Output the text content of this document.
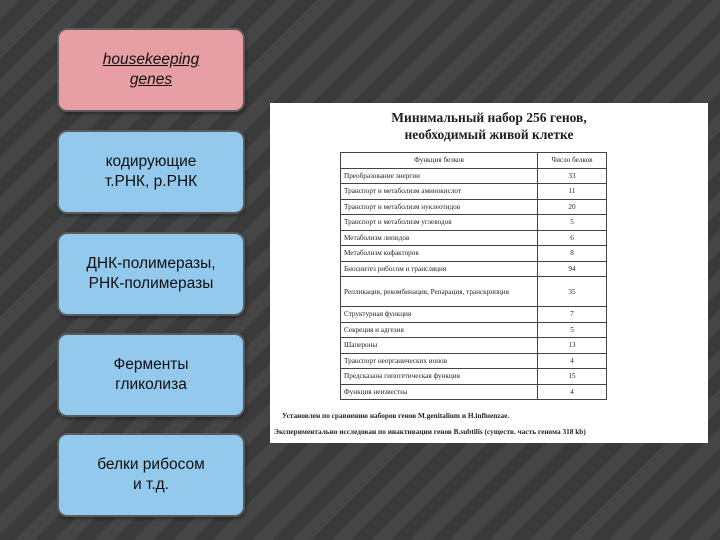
housekeeping
genes
кодирующие
т.РНК, р.РНК
ДНК-полимеразы,
РНК-полимеразы
Ферменты
гликолиза
белки рибосом
и т.д.
Минимальный набор 256 генов,
необходимый живой клетке
Функция белков	Число белков
Преобразование энергии	33
Транспорт и метаболизм аминокислот	11
Транспорт и метаболизм нуклеотидов	20
Транспорт и метаболизм углеводов	5
Метаболизм липидов	6
Метаболизм кофакторов	8
Биосинтез рибосом и трансляция	94
Репликация, рекомбинация, Репарация, транскрипция	35
Структурная функция	7
Секреция и адгезия	5
Шапероны	13
Транспорт неорганических ионов	4
Предсказана гипотетическая функция	15
Функция неизвестна	4
Установлен по сравнению наборов генов M.genitalium и H.influenzae.
Экспериментально исследован по инактивации генов B.subtilis (существ. часть генома 318 kb)
